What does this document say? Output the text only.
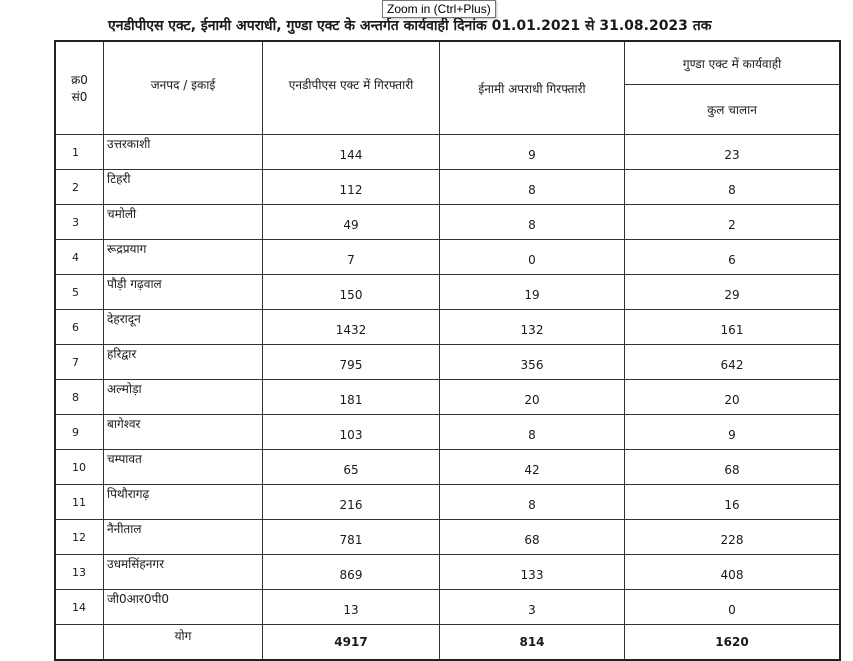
एनडीपीएस एक्ट, ईनामी अपराधी, गुण्डा एक्ट के अन्तर्गत कार्यवाही दिनांक 01.01.2021 से 31.08.2023 तक
Zoom in (Ctrl+Plus)
क्र0
सं0	जनपद / इकाई	एनडीपीएस एक्ट में गिरफ्तारी	ईनामी अपराधी गिरफ्तारी	गुण्डा एक्ट में कार्यवाही
				कुल चालान
1	उत्तरकाशी	144	9	23
2	टिहरी	112	8	8
3	चमोली	49	8	2
4	रूद्रप्रयाग	7	0	6
5	पौड़ी गढ़वाल	150	19	29
6	देहरादून	1432	132	161
7	हरिद्वार	795	356	642
8	अल्मोड़ा	181	20	20
9	बागेश्वर	103	8	9
10	चम्पावत	65	42	68
11	पिथौरागढ़	216	8	16
12	नैनीताल	781	68	228
13	उधमसिंहनगर	869	133	408
14	जी0आर0पी0	13	3	0
	योग	4917	814	1620
